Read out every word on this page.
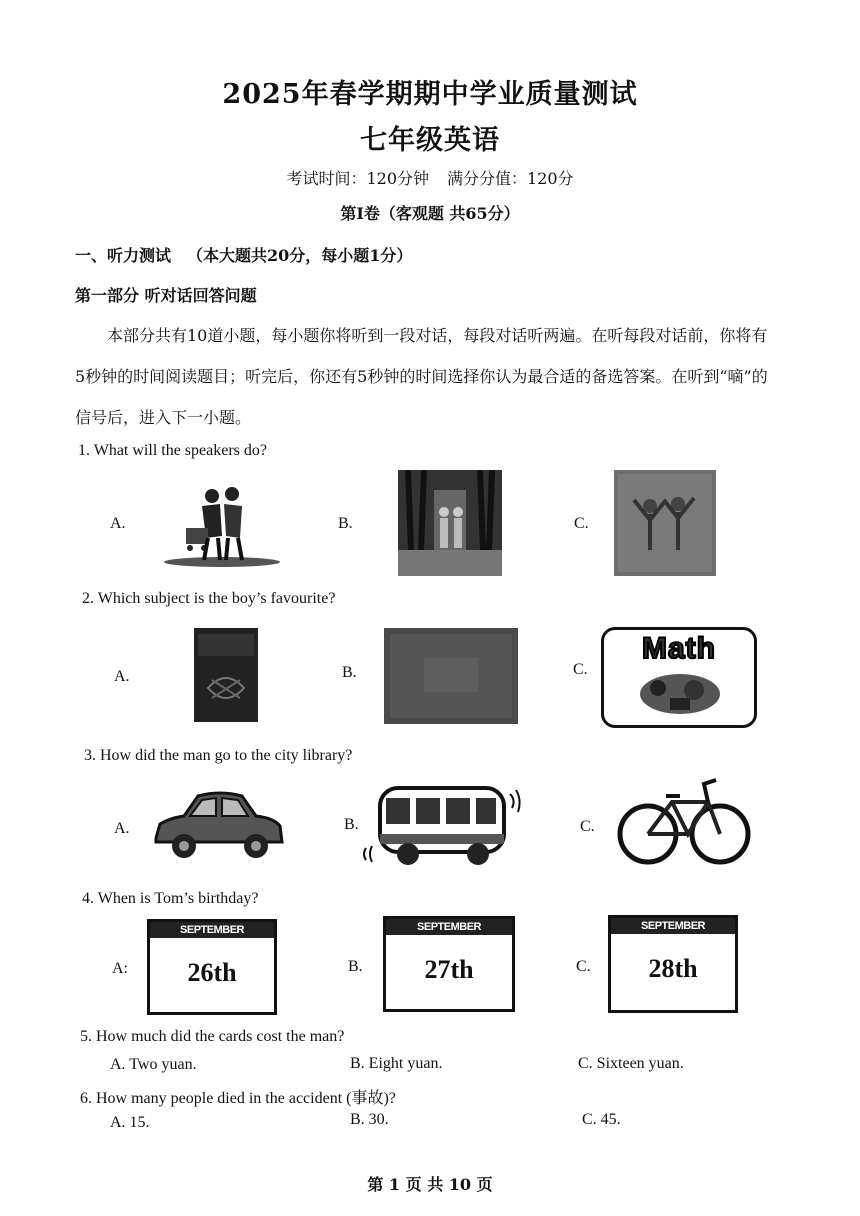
2025年春学期期中学业质量测试
七年级英语
考试时间：120分钟 满分分值：120分
第Ⅰ卷（客观题 共65分）
一、听力测试 （本大题共20分，每小题1分）
第一部分 听对话回答问题
本部分共有10道小题，每小题你将听到一段对话，每段对话听两遍。在听每段对话前，你将有5秒钟的时间阅读题目；听完后，你还有5秒钟的时间选择你认为最合适的备选答案。在听到“嘀”的信号后，进入下一小题。
1. What will the speakers do?
A.	B.	C.
2. Which subject is the boy’s favourite?
A.	B.	C.
Math
3. How did the man go to the city library?
A.	B.	C.
4. When is Tom’s birthday?
A:	B.	C.
SEPTEMBER
26th
SEPTEMBER
27th
SEPTEMBER
28th
5. How much did the cards cost the man?
A. Two yuan.	B. Eight yuan.	C. Sixteen yuan.
6. How many people died in the accident (事故)?
A. 15.	B. 30.	C. 45.
第 1 页 共 10 页
